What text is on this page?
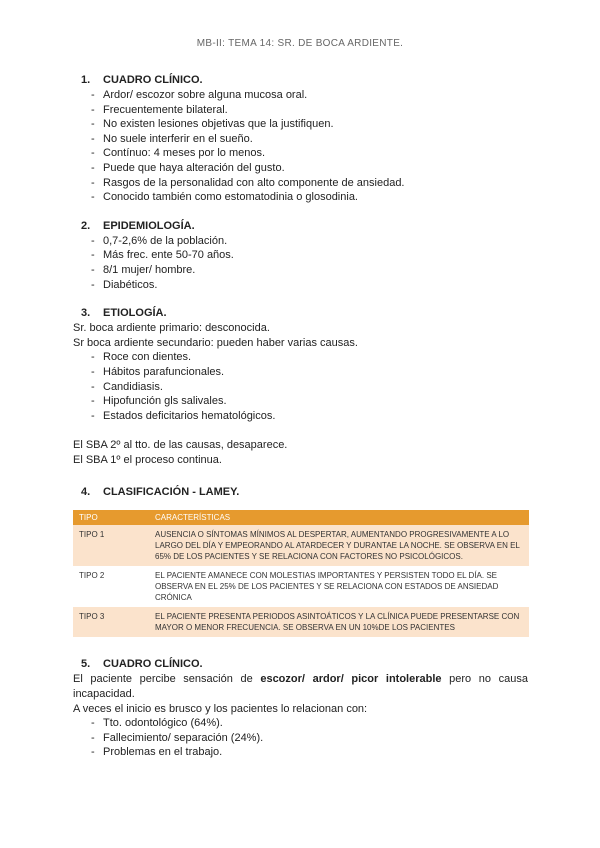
MB-II: TEMA 14: SR. DE BOCA ARDIENTE.
1.	CUADRO CLÍNICO.
- Ardor/ escozor sobre alguna mucosa oral.
- Frecuentemente bilateral.
- No existen lesiones objetivas que la justifiquen.
- No suele interferir en el sueño.
- Contínuo: 4 meses por lo menos.
- Puede que haya alteración del gusto.
- Rasgos de la personalidad con alto componente de ansiedad.
- Conocido también como estomatodinia o glosodinia.
2.	EPIDEMIOLOGÍA.
- 0,7-2,6% de la población.
- Más frec. ente 50-70 años.
- 8/1 mujer/ hombre.
- Diabéticos.
3.	ETIOLOGÍA.
Sr. boca ardiente primario: desconocida.
Sr boca ardiente secundario: pueden haber varias causas.
- Roce con dientes.
- Hábitos parafuncionales.
- Candidiasis.
- Hipofunción gls salivales.
- Estados deficitarios hematológicos.
El SBA 2º al tto. de las causas, desaparece.
El SBA 1º el proceso continua.
4.	CLASIFICACIÓN - LAMEY.
TIPO	CARACTERÍSTICAS
TIPO 1	AUSENCIA O SÍNTOMAS MÍNIMOS AL DESPERTAR, AUMENTANDO PROGRESIVAMENTE A LO LARGO DEL DÍA Y EMPEORANDO AL ATARDECER Y DURANTAE LA NOCHE. SE OBSERVA EN EL 65% DE LOS PACIENTES Y SE RELACIONA CON FACTORES NO PSICOLÓGICOS.
TIPO 2	EL PACIENTE AMANECE CON MOLESTIAS IMPORTANTES Y PERSISTEN TODO EL DÍA. SE OBSERVA EN EL 25% DE LOS PACIENTES Y SE RELACIONA CON ESTADOS DE ANSIEDAD CRÓNICA
TIPO 3	EL PACIENTE PRESENTA PERIODOS ASINTOÁTICOS Y LA CLÍNICA PUEDE PRESENTARSE CON MAYOR O MENOR FRECUENCIA. SE OBSERVA EN UN 10%DE LOS PACIENTES
5.	CUADRO CLÍNICO.
El paciente percibe sensación de escozor/ ardor/ picor intolerable pero no causa incapacidad.
A veces el inicio es brusco y los pacientes lo relacionan con:
- Tto. odontológico (64%).
- Fallecimiento/ separación (24%).
- Problemas en el trabajo.
